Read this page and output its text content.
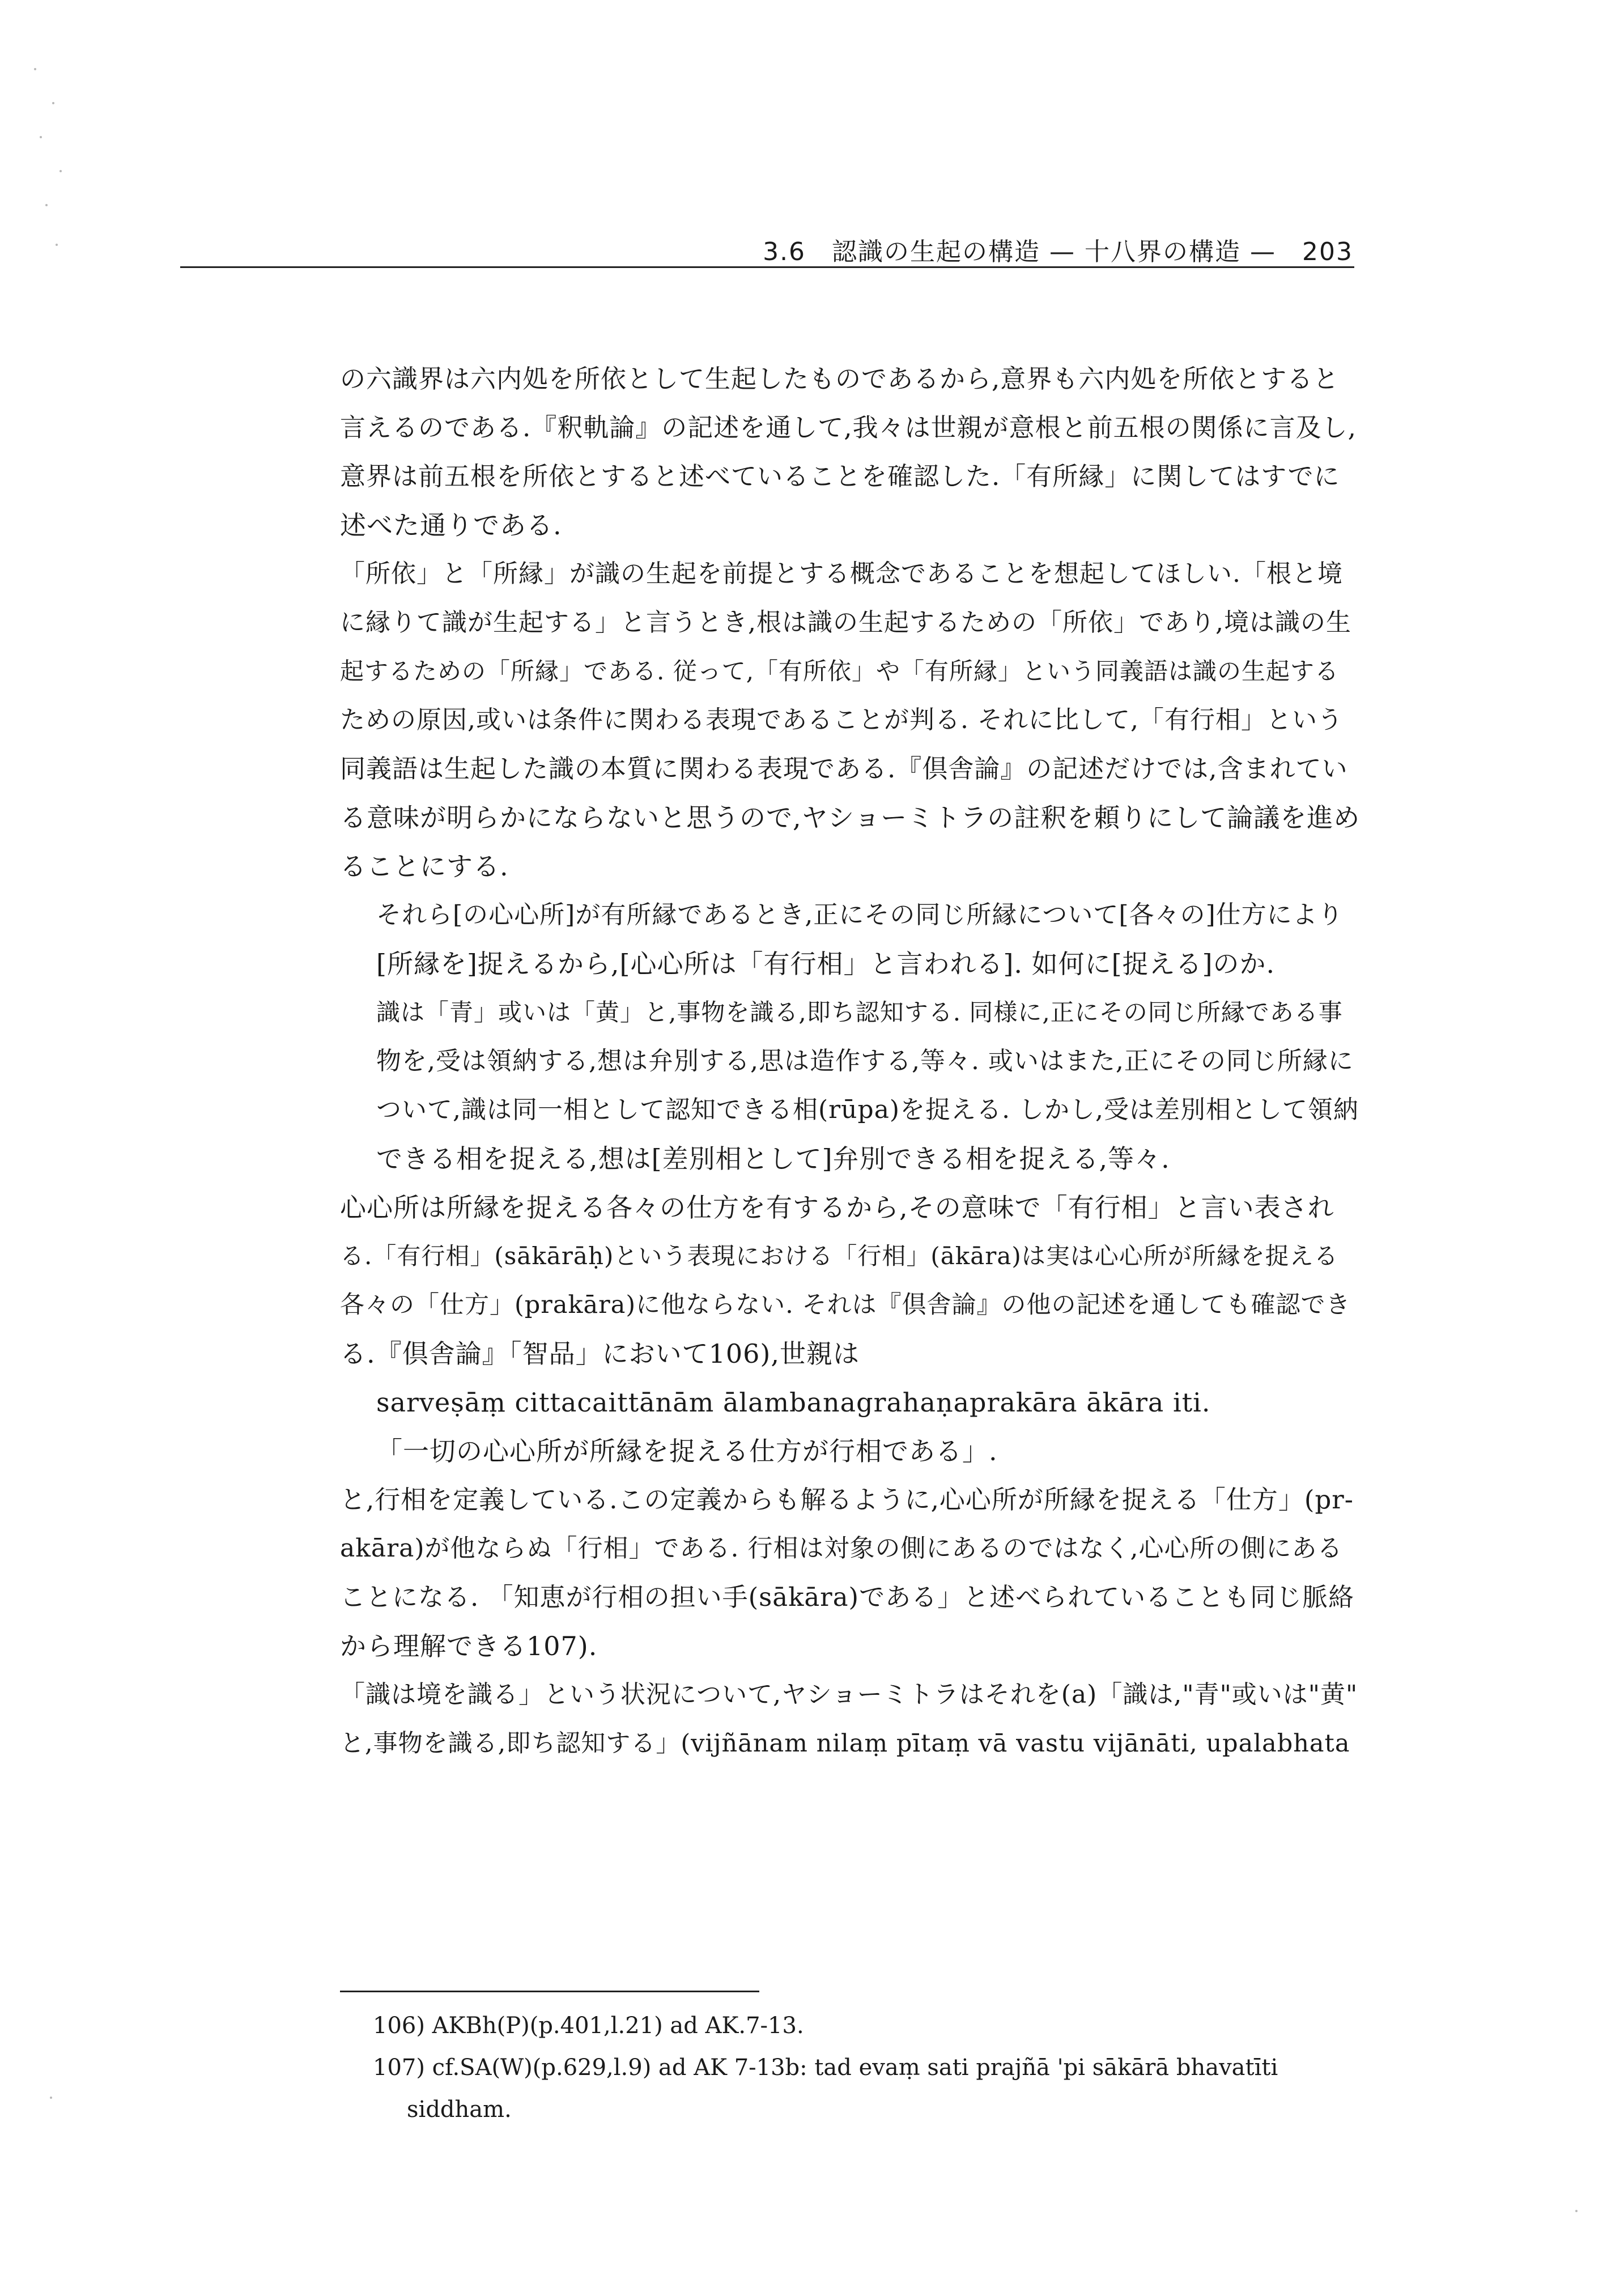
3.6　認識の生起の構造 — 十八界の構造 —　203
の六識界は六内処を所依として生起したものであるから,意界も六内処を所依とすると
言えるのである.『釈軌論』の記述を通して,我々は世親が意根と前五根の関係に言及し,
意界は前五根を所依とすると述べていることを確認した.「有所縁」に関してはすでに
述べた通りである.
「所依」と「所縁」が識の生起を前提とする概念であることを想起してほしい.「根と境
に縁りて識が生起する」と言うとき,根は識の生起するための「所依」であり,境は識の生
起するための「所縁」である. 従って,「有所依」や「有所縁」という同義語は識の生起する
ための原因,或いは条件に関わる表現であることが判る. それに比して,「有行相」という
同義語は生起した識の本質に関わる表現である.『倶舎論』の記述だけでは,含まれてい
る意味が明らかにならないと思うので,ヤショーミトラの註釈を頼りにして論議を進め
ることにする.
それら[の心心所]が有所縁であるとき,正にその同じ所縁について[各々の]仕方により
[所縁を]捉えるから,[心心所は「有行相」と言われる]. 如何に[捉える]のか.
識は「青」或いは「黄」と,事物を識る,即ち認知する. 同様に,正にその同じ所縁である事
物を,受は領納する,想は弁別する,思は造作する,等々. 或いはまた,正にその同じ所縁に
ついて,識は同一相として認知できる相(rūpa)を捉える. しかし,受は差別相として領納
できる相を捉える,想は[差別相として]弁別できる相を捉える,等々.
心心所は所縁を捉える各々の仕方を有するから,その意味で「有行相」と言い表され
る.「有行相」(sākārāḥ)という表現における「行相」(ākāra)は実は心心所が所縁を捉える
各々の「仕方」(prakāra)に他ならない. それは『倶舎論』の他の記述を通しても確認でき
る.『倶舎論』「智品」において106),世親は
sarveṣāṃ cittacaittānām ālambanagrahaṇaprakāra ākāra iti.
「一切の心心所が所縁を捉える仕方が行相である」.
と,行相を定義している.この定義からも解るように,心心所が所縁を捉える「仕方」(pr-
akāra)が他ならぬ「行相」である. 行相は対象の側にあるのではなく,心心所の側にある
ことになる. 「知恵が行相の担い手(sākāra)である」と述べられていることも同じ脈絡
から理解できる107).
「識は境を識る」という状況について,ヤショーミトラはそれを(a)「識は,"青"或いは"黄"
と,事物を識る,即ち認知する」(vijñānam nilaṃ pītaṃ vā vastu vijānāti, upalabhata
106) AKBh(P)(p.401,l.21) ad AK.7-13.
107) cf.SA(W)(p.629,l.9) ad AK 7-13b: tad evaṃ sati prajñā 'pi sākārā bhavatīti
siddham.
